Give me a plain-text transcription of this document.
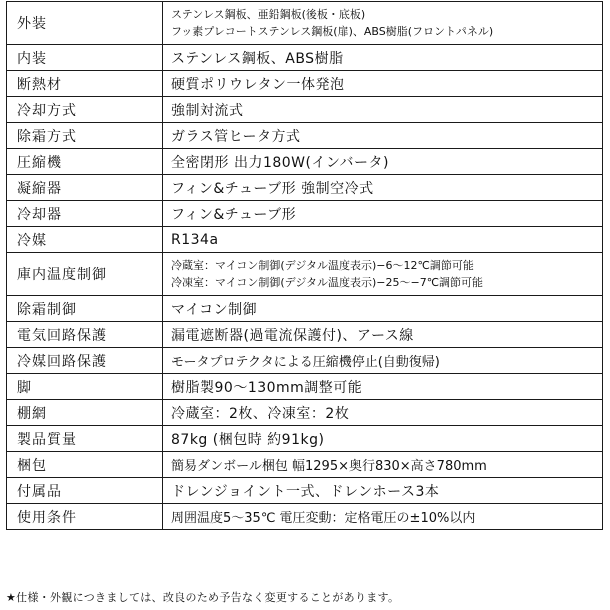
外装	ステンレス鋼板、亜鉛鋼板(後板・底板)
フッ素プレコートステンレス鋼板(扉)、ABS樹脂(フロントパネル)

内装	ステンレス鋼板、ABS樹脂
断熱材	硬質ポリウレタン一体発泡
冷却方式	強制対流式
除霜方式	ガラス管ヒータ方式
圧縮機	全密閉形 出力180W(インバータ)
凝縮器	フィン&チューブ形 強制空冷式
冷却器	フィン&チューブ形
冷媒	R134a
庫内温度制御	冷蔵室：マイコン制御(デジタル温度表示)−6〜12℃調節可能
冷凍室：マイコン制御(デジタル温度表示)−25〜−7℃調節可能

除霜制御	マイコン制御
電気回路保護	漏電遮断器(過電流保護付)、アース線
冷媒回路保護	モータプロテクタによる圧縮機停止(自動復帰)
脚	樹脂製90〜130mm調整可能
棚網	冷蔵室：2枚、冷凍室：2枚
製品質量	87kg (梱包時 約91kg)
梱包	簡易ダンボール梱包 幅1295×奥行830×高さ780mm
付属品	ドレンジョイント一式、ドレンホース3本
使用条件	周囲温度5〜35℃ 電圧変動：定格電圧の±10%以内
★仕様・外観につきましては、改良のため予告なく変更することがあります。
